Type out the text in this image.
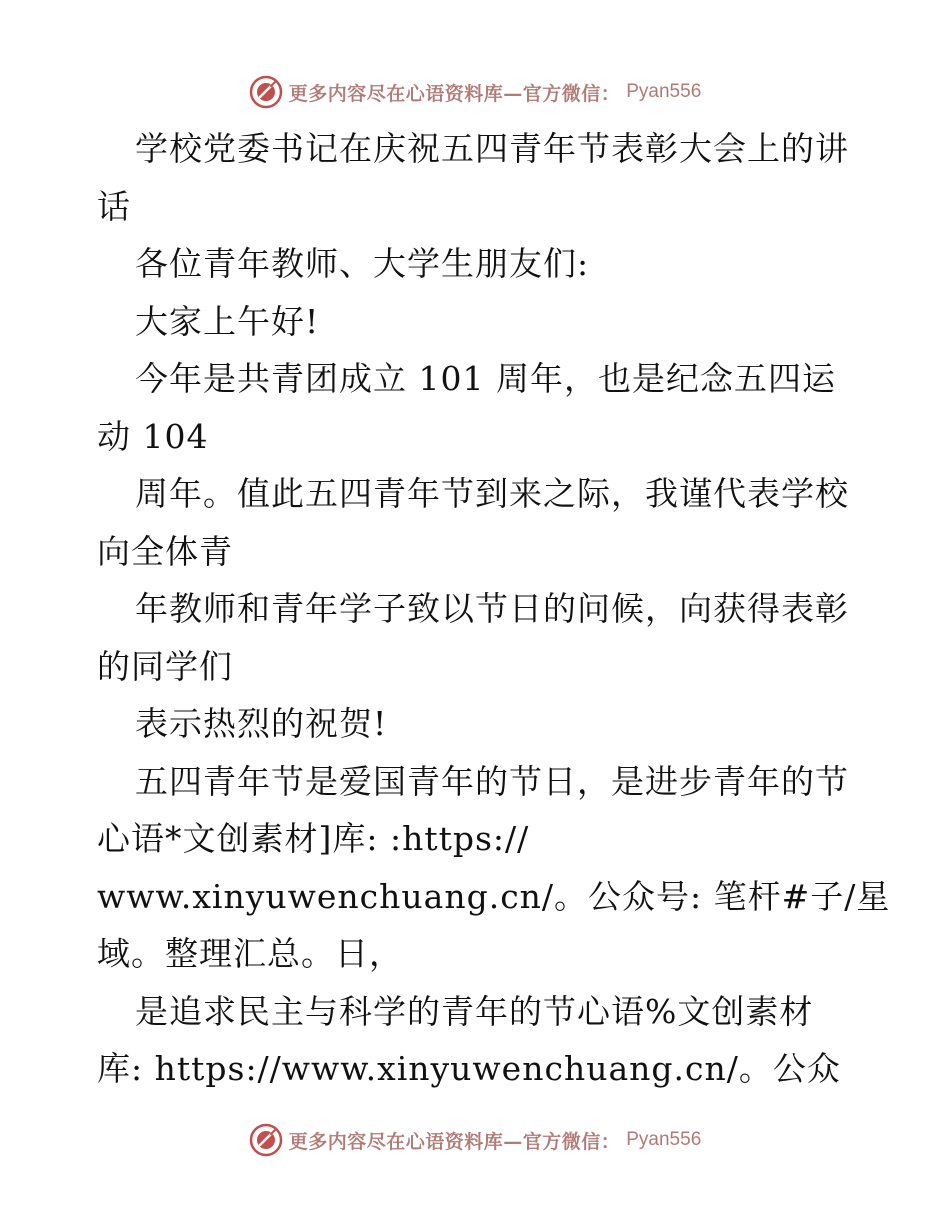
更多内容尽在心语资料库—官方微信： Pyan556
学校党委书记在庆祝五四青年节表彰大会上的讲
话
各位青年教师、大学生朋友们:
大家上午好!
今年是共青团成立 101 周年，也是纪念五四运
动 104
周年。值此五四青年节到来之际，我谨代表学校
向全体青
年教师和青年学子致以节日的问候，向获得表彰
的同学们
表示热烈的祝贺!
五四青年节是爱国青年的节日，是进步青年的节
心语*文创素材]库: :https://
www.xinyuwenchuang.cn/。公众号: 笔杆#子/星
域。整理汇总。日，
是追求民主与科学的青年的节心语%文创素材
库: https://www.xinyuwenchuang.cn/。公众
更多内容尽在心语资料库—官方微信： Pyan556
